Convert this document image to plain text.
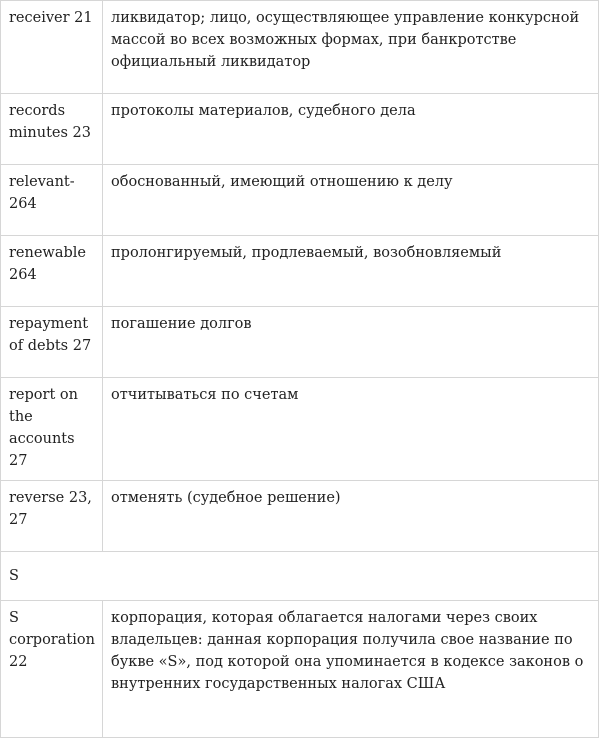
receiver 21	ликвидатор; лицо, осуществляющее управление конкурсной массой во всех возможных формах, при банкротстве официальный ликвидатор
records minutes 23	протоколы материалов, судебного дела
relevant-264	обоснованный, имеющий отношению к делу
renewable 264	пролонгируемый, продлеваемый, возобновляемый
repayment of debts 27	погашение долгов
report on the accounts 27	отчитываться по счетам
reverse 23, 27	отменять (судебное решение)
S	
S corporation 22	корпорация, которая облагается налогами через своих владельцев: данная корпорация получила свое название по букве «S», под которой она упоминается в кодексе законов о внутренних государственных налогах США
